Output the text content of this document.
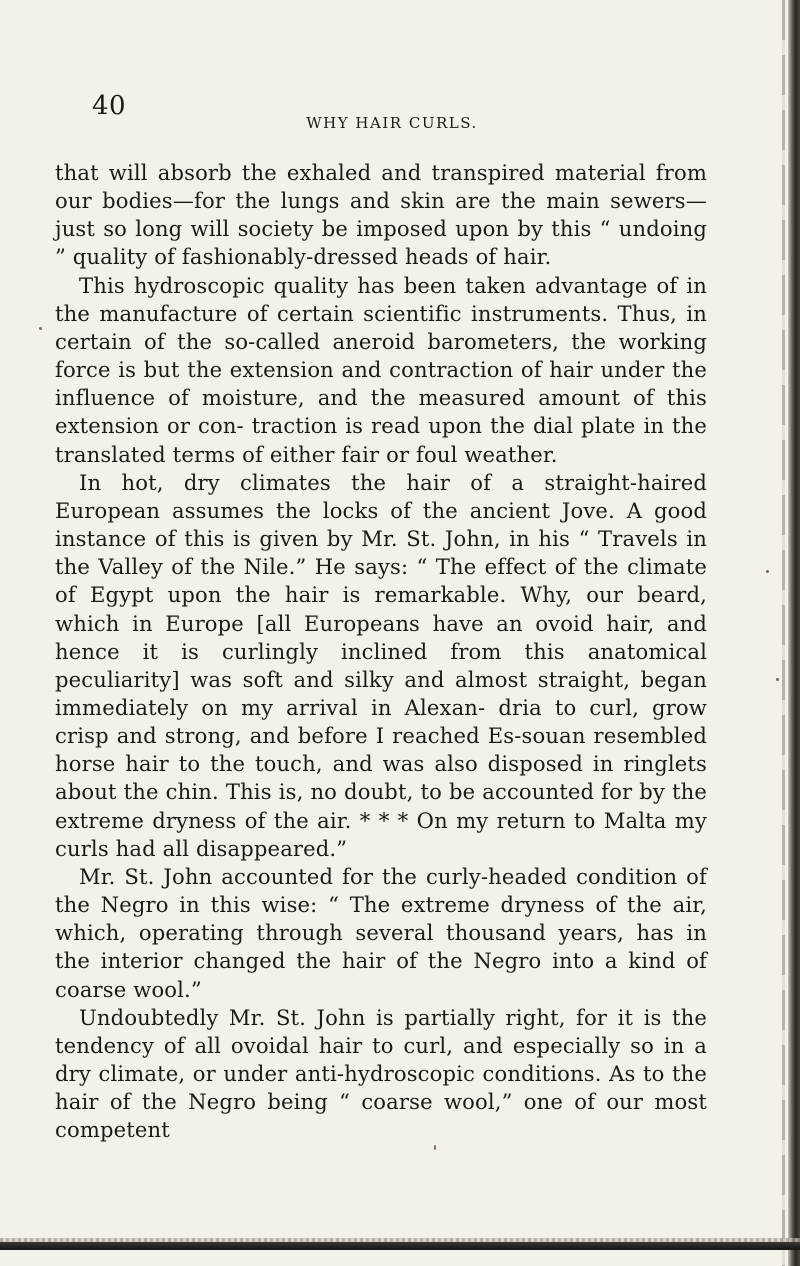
40
WHY HAIR CURLS.

that will absorb the exhaled and transpired material from our bodies—for the lungs and skin are the main sewers—just so long will society be imposed upon by this “ undoing ” quality of fashionably-dressed heads of hair.

This hydroscopic quality has been taken advantage of in the manufacture of certain scientific instruments. Thus, in certain of the so-called aneroid barometers, the working force is but the extension and contraction of hair under the influence of moisture, and the measured amount of this extension or con- traction is read upon the dial plate in the translated terms of either fair or foul weather.

In hot, dry climates the hair of a straight-haired European assumes the locks of the ancient Jove. A good instance of this is given by Mr. St. John, in his “ Travels in the Valley of the Nile.” He says: “ The effect of the climate of Egypt upon the hair is remarkable. Why, our beard, which in Europe [all Europeans have an ovoid hair, and hence it is curlingly inclined from this anatomical peculiarity] was soft and silky and almost straight, began immediately on my arrival in Alexan- dria to curl, grow crisp and strong, and before I reached Es-souan resembled horse hair to the touch, and was also disposed in ringlets about the chin. This is, no doubt, to be accounted for by the extreme dryness of the air. * * * On my return to Malta my curls had all disappeared.”

Mr. St. John accounted for the curly-headed condition of the Negro in this wise: “ The extreme dryness of the air, which, operating through several thousand years, has in the interior changed the hair of the Negro into a kind of coarse wool.”

Undoubtedly Mr. St. John is partially right, for it is the tendency of all ovoidal hair to curl, and especially so in a dry climate, or under anti-hydroscopic conditions. As to the hair of the Negro being “ coarse wool,” one of our most competent
